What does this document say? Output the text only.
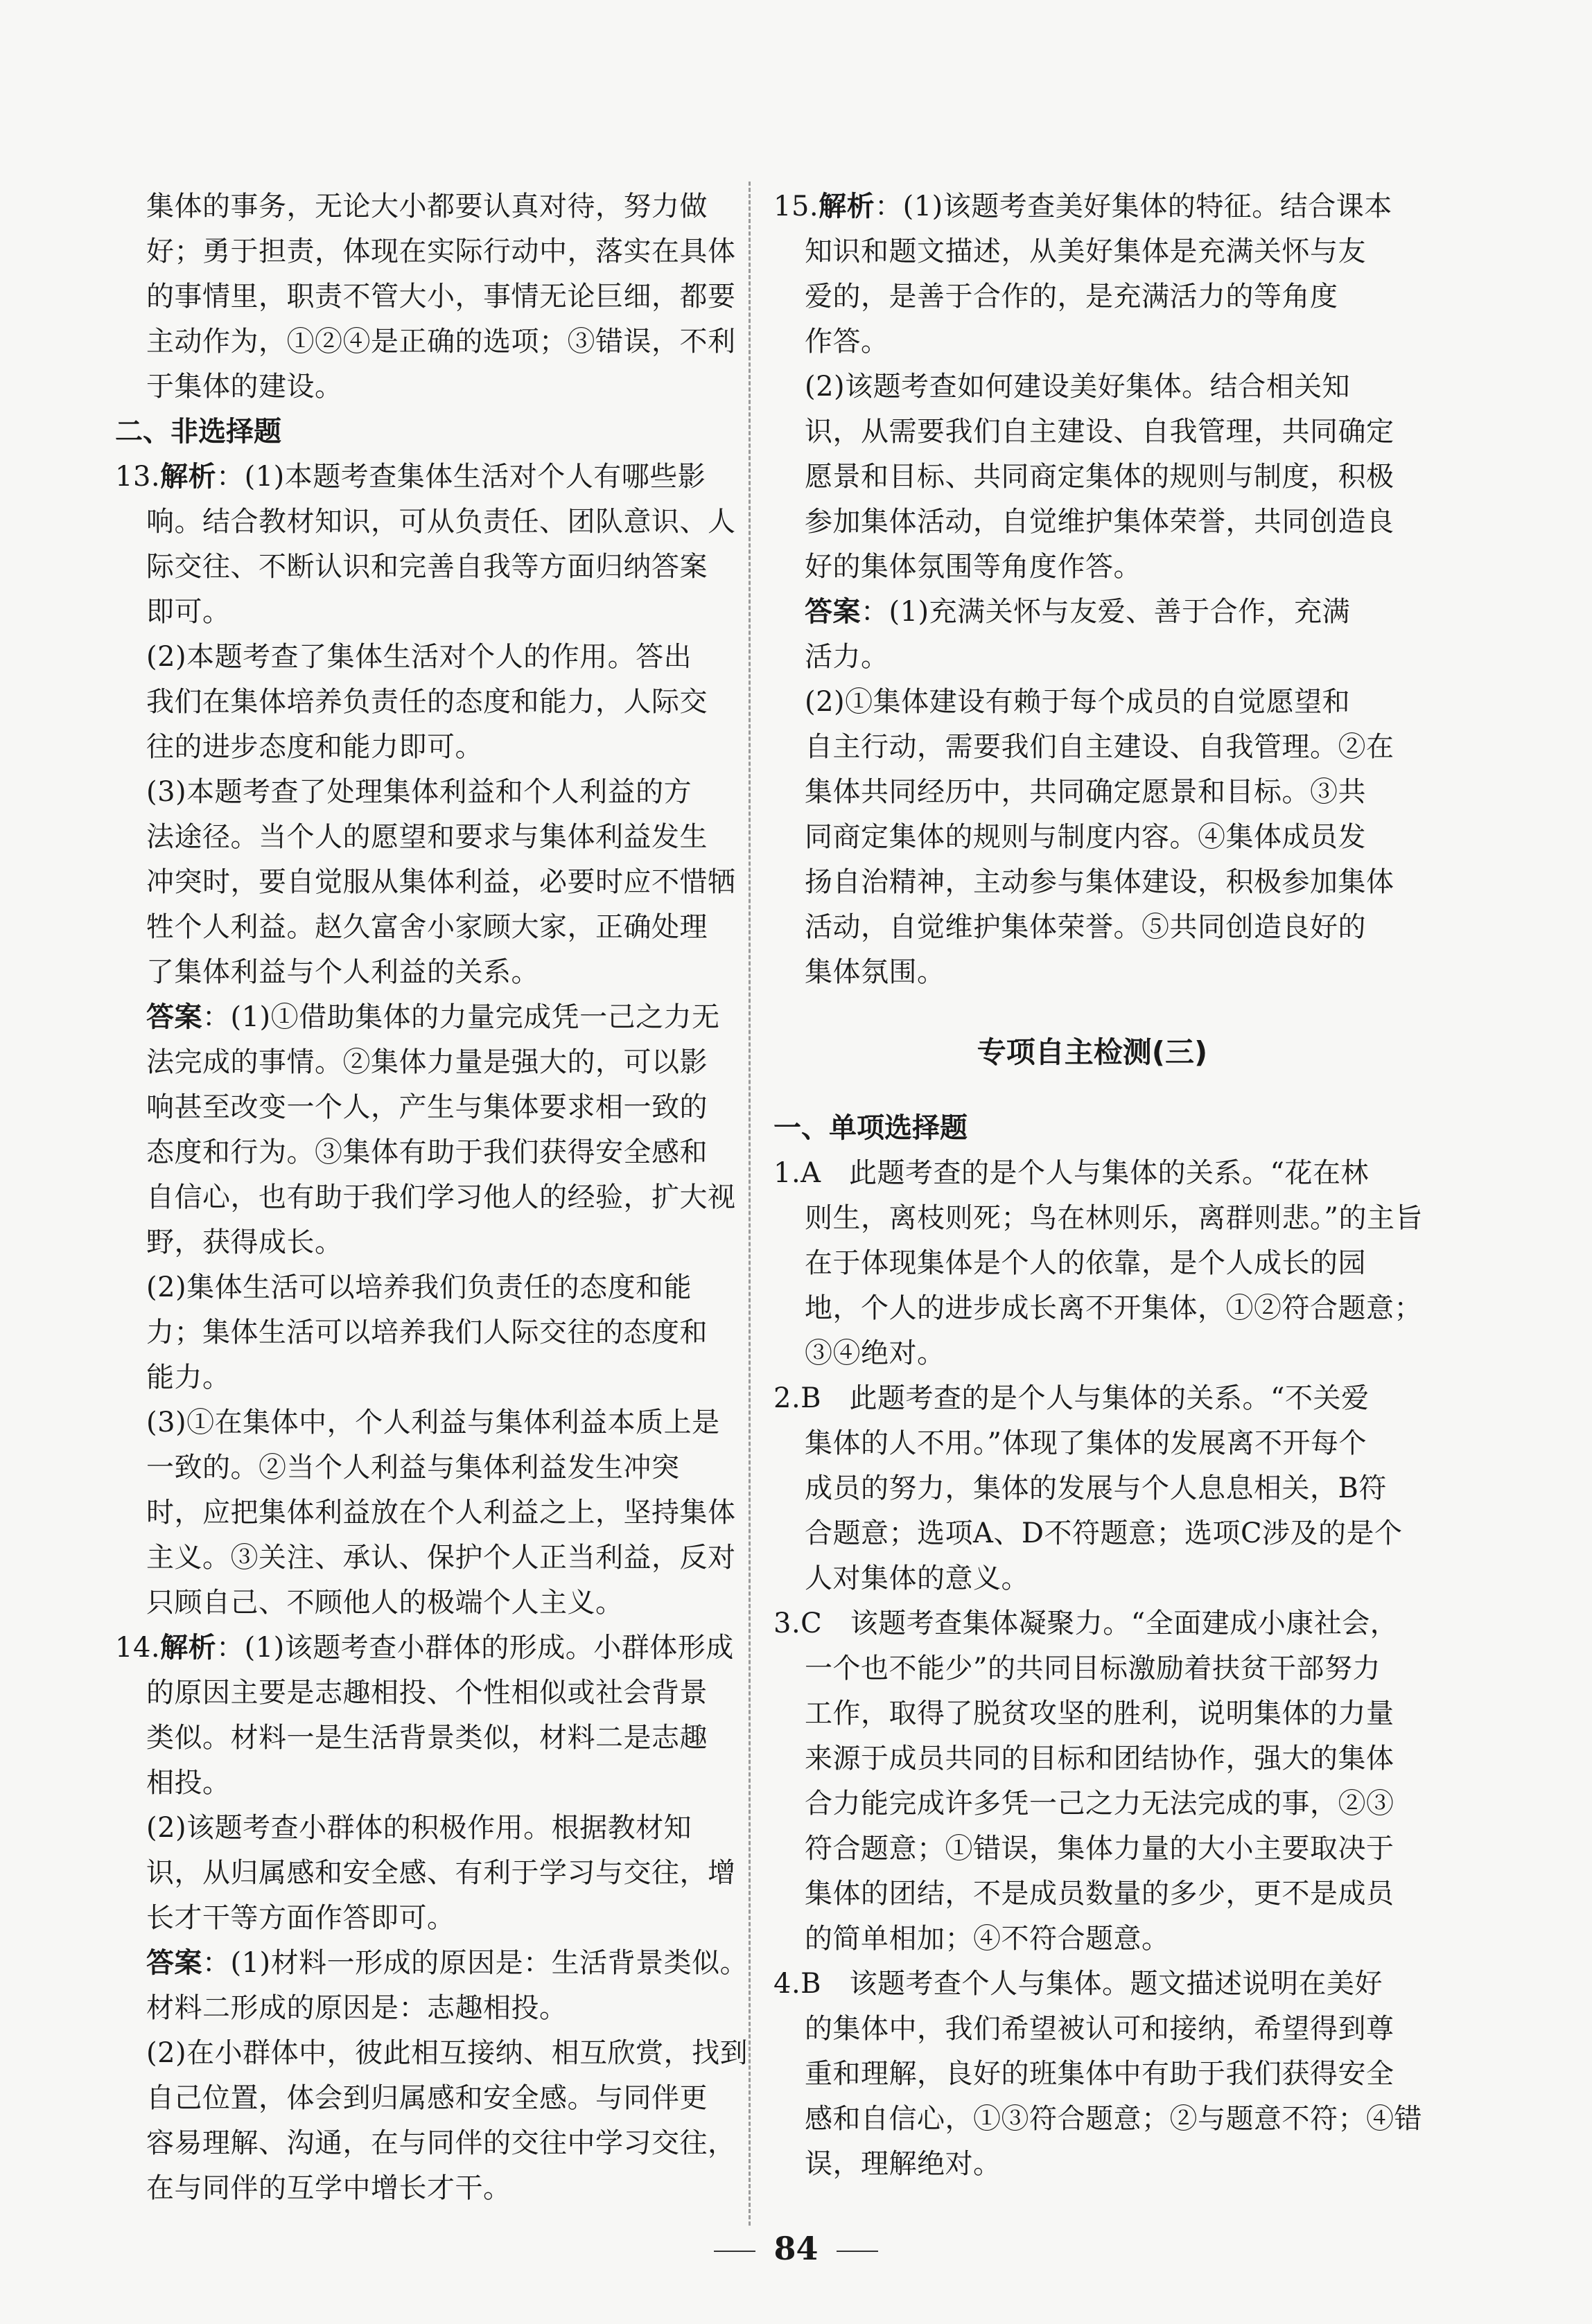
集体的事务，无论大小都要认真对待，努力做
好；勇于担责，体现在实际行动中，落实在具体
的事情里，职责不管大小，事情无论巨细，都要
主动作为，①②④是正确的选项；③错误，不利
于集体的建设。
二、非选择题
13.解析：(1)本题考查集体生活对个人有哪些影
响。结合教材知识，可从负责任、团队意识、人
际交往、不断认识和完善自我等方面归纳答案
即可。
(2)本题考查了集体生活对个人的作用。答出
我们在集体培养负责任的态度和能力，人际交
往的进步态度和能力即可。
(3)本题考查了处理集体利益和个人利益的方
法途径。当个人的愿望和要求与集体利益发生
冲突时，要自觉服从集体利益，必要时应不惜牺
牲个人利益。赵久富舍小家顾大家，正确处理
了集体利益与个人利益的关系。
答案：(1)①借助集体的力量完成凭一己之力无
法完成的事情。②集体力量是强大的，可以影
响甚至改变一个人，产生与集体要求相一致的
态度和行为。③集体有助于我们获得安全感和
自信心，也有助于我们学习他人的经验，扩大视
野，获得成长。
(2)集体生活可以培养我们负责任的态度和能
力；集体生活可以培养我们人际交往的态度和
能力。
(3)①在集体中，个人利益与集体利益本质上是
一致的。②当个人利益与集体利益发生冲突
时，应把集体利益放在个人利益之上，坚持集体
主义。③关注、承认、保护个人正当利益，反对
只顾自己、不顾他人的极端个人主义。
14.解析：(1)该题考查小群体的形成。小群体形成
的原因主要是志趣相投、个性相似或社会背景
类似。材料一是生活背景类似，材料二是志趣
相投。
(2)该题考查小群体的积极作用。根据教材知
识，从归属感和安全感、有利于学习与交往，增
长才干等方面作答即可。
答案：(1)材料一形成的原因是：生活背景类似。
材料二形成的原因是：志趣相投。
(2)在小群体中，彼此相互接纳、相互欣赏，找到
自己位置，体会到归属感和安全感。与同伴更
容易理解、沟通，在与同伴的交往中学习交往，
在与同伴的互学中增长才干。
15.解析：(1)该题考查美好集体的特征。结合课本
知识和题文描述，从美好集体是充满关怀与友
爱的，是善于合作的，是充满活力的等角度
作答。
(2)该题考查如何建设美好集体。结合相关知
识，从需要我们自主建设、自我管理，共同确定
愿景和目标、共同商定集体的规则与制度，积极
参加集体活动，自觉维护集体荣誉，共同创造良
好的集体氛围等角度作答。
答案：(1)充满关怀与友爱、善于合作，充满
活力。
(2)①集体建设有赖于每个成员的自觉愿望和
自主行动，需要我们自主建设、自我管理。②在
集体共同经历中，共同确定愿景和目标。③共
同商定集体的规则与制度内容。④集体成员发
扬自治精神，主动参与集体建设，积极参加集体
活动，自觉维护集体荣誉。⑤共同创造良好的
集体氛围。
专项自主检测(三)
一、单项选择题
1.A　此题考查的是个人与集体的关系。“花在林
则生，离枝则死；鸟在林则乐，离群则悲。”的主旨
在于体现集体是个人的依靠，是个人成长的园
地，个人的进步成长离不开集体，①②符合题意；
③④绝对。
2.B　此题考查的是个人与集体的关系。“不关爱
集体的人不用。”体现了集体的发展离不开每个
成员的努力，集体的发展与个人息息相关，B符
合题意；选项A、D不符题意；选项C涉及的是个
人对集体的意义。
3.C　该题考查集体凝聚力。“全面建成小康社会，
一个也不能少”的共同目标激励着扶贫干部努力
工作，取得了脱贫攻坚的胜利，说明集体的力量
来源于成员共同的目标和团结协作，强大的集体
合力能完成许多凭一己之力无法完成的事，②③
符合题意；①错误，集体力量的大小主要取决于
集体的团结，不是成员数量的多少，更不是成员
的简单相加；④不符合题意。
4.B　该题考查个人与集体。题文描述说明在美好
的集体中，我们希望被认可和接纳，希望得到尊
重和理解，良好的班集体中有助于我们获得安全
感和自信心，①③符合题意；②与题意不符；④错
误，理解绝对。
84
